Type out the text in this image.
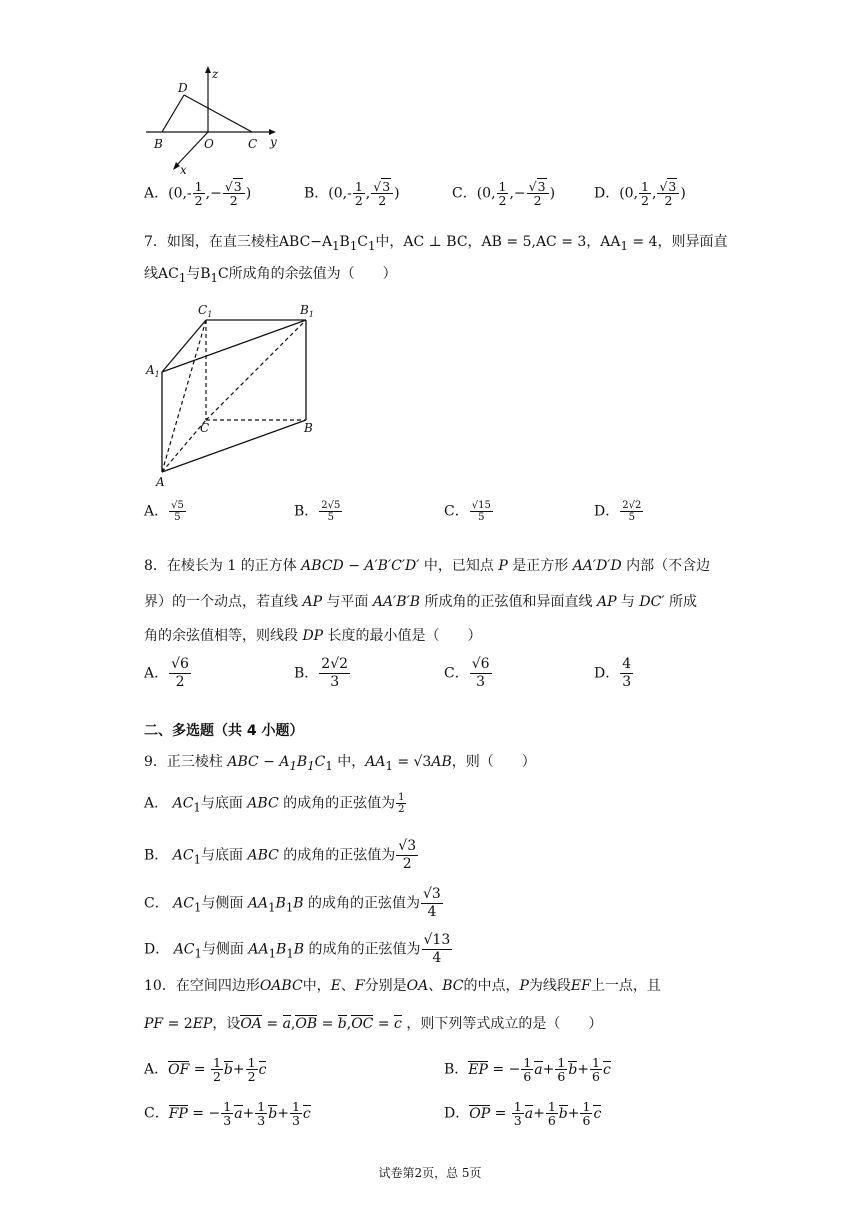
z
D
B	O	C y
x
A．($0,- \frac{1}{2}$ ,− $\frac{√3}{2}$ )	B．($0,- \frac{1}{2}$ , $\frac{√3}{2}$ )	C．(0, $\frac{1}{2}$ ,− $\frac{√3}{2}$ )	D．(0, $\frac{1}{2}$ , $\frac{√3}{2}$ )
7．如图，在直三棱柱$ABC-A_1B_1C_1$中，AC ⊥ BC，AB = 5,AC = 3，$AA_1 = 4$，则异面直
线$AC_1$与$B_1C$所成角的余弦值为（　　）
$C_1$	$B_1$
$A_1$
C	B
A
A． $\frac{√5}{5}$	B． $\frac{2√5}{5}$	C． $\frac{√15}{5}$	D． $\frac{2√2}{5}$
8．在棱长为 1 的正方体 ABCD − A′B′C′D′ 中，已知点 P 是正方形 AA′D′D 内部（不含边
界）的一个动点，若直线 AP 与平面 AA′B′B 所成角的正弦值和异面直线 AP 与 DC′ 所成
角的余弦值相等，则线段 DP 长度的最小值是（　　）
A． $\frac{√6}{2}$	B． $\frac{2√2}{3}$	C． $\frac{√6}{3}$	D． $\frac{4}{3}$
二、多选题（共 4 小题）
9．正三棱柱 ABC − $A_1B_1C_1$ 中，$AA_1 = √3AB$，则（　　）
A． $AC_1$与底面 ABC 的成角的正弦值为 $\frac{1}{2}$
B． $AC_1$与底面 ABC 的成角的正弦值为 $\frac{√3}{2}$
C． $AC_1$与侧面 $AA_1B_1B$ 的成角的正弦值为 $\frac{√3}{4}$
D． $AC_1$与侧面 $AA_1B_1B$ 的成角的正弦值为 $\frac{√13}{4}$
10．在空间四边形OABC中，E、F分别是OA、BC的中点，P为线段EF上一点，且
PF = 2EP，设OA = a,OB = b,OC = c ，则下列等式成立的是（　　）
A．OF = $\frac{1}{2} b+ \frac{1}{2}$ c	B．EP = − $\frac{1}{6} a+ \frac{1}{6} b+ \frac{1}{6}$ c
C．FP = − $\frac{1}{3} a+ \frac{1}{3} b+ \frac{1}{3}$ c	D．OP = $\frac{1}{3} a+ \frac{1}{6} b+ \frac{1}{6}$ c
试卷第2页，总 5页
